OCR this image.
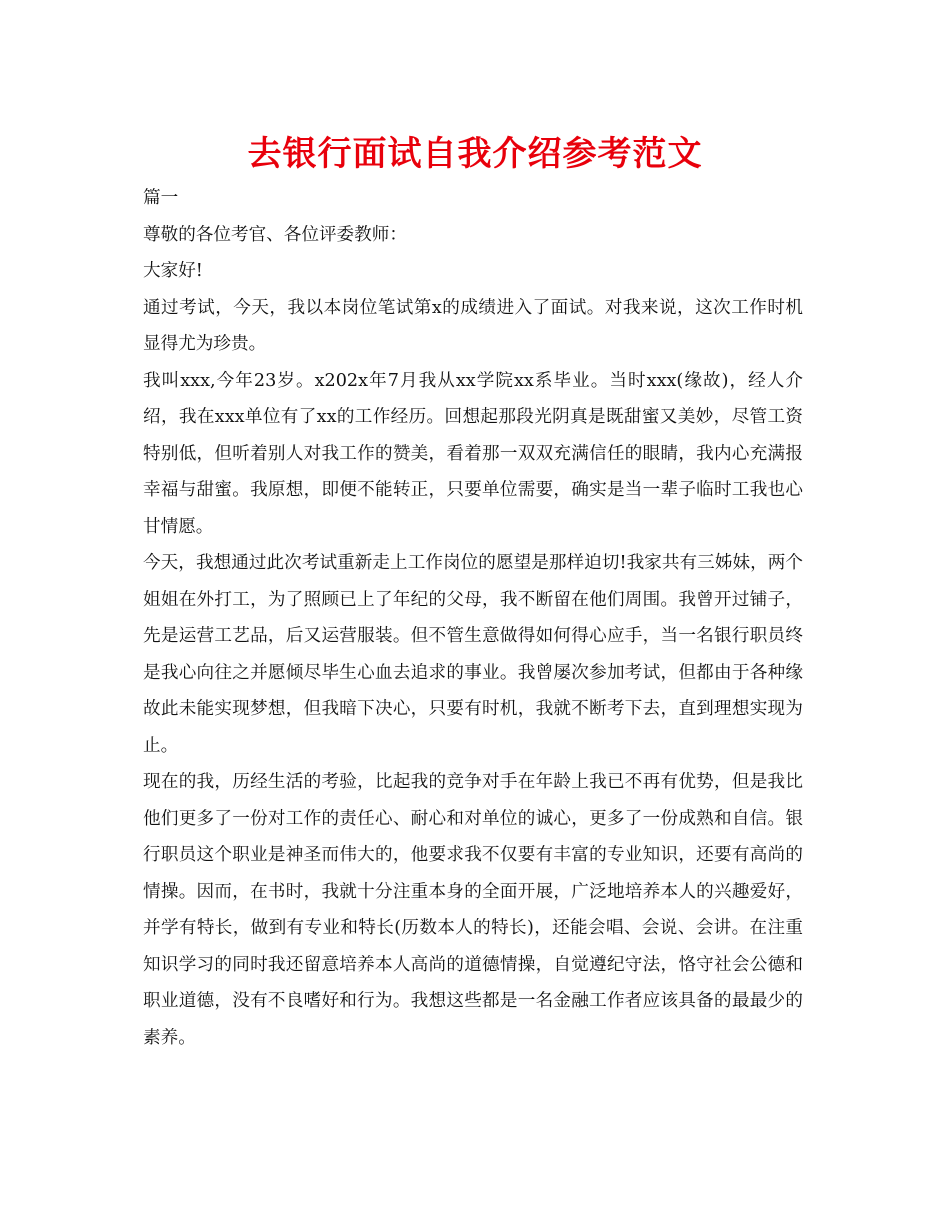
去银行面试自我介绍参考范文

篇一

尊敬的各位考官、各位评委教师：

大家好!

通过考试，今天，我以本岗位笔试第x的成绩进入了面试。对我来说，这次工作时机显得尤为珍贵。

我叫xxx,今年23岁。x202x年7月我从xx学院xx系毕业。当时xxx(缘故)，经人介绍，我在xxx单位有了xx的工作经历。回想起那段光阴真是既甜蜜又美妙，尽管工资特别低，但听着别人对我工作的赞美，看着那一双双充满信任的眼睛，我内心充满报幸福与甜蜜。我原想，即便不能转正，只要单位需要，确实是当一辈子临时工我也心甘情愿。

今天，我想通过此次考试重新走上工作岗位的愿望是那样迫切!我家共有三姊妹，两个姐姐在外打工，为了照顾已上了年纪的父母，我不断留在他们周围。我曾开过铺子，先是运营工艺品，后又运营服装。但不管生意做得如何得心应手，当一名银行职员终是我心向往之并愿倾尽毕生心血去追求的事业。我曾屡次参加考试，但都由于各种缘故此未能实现梦想，但我暗下决心，只要有时机，我就不断考下去，直到理想实现为止。

现在的我，历经生活的考验，比起我的竞争对手在年龄上我已不再有优势，但是我比他们更多了一份对工作的责任心、耐心和对单位的诚心，更多了一份成熟和自信。银行职员这个职业是神圣而伟大的，他要求我不仅要有丰富的专业知识，还要有高尚的情操。因而，在书时，我就十分注重本身的全面开展，广泛地培养本人的兴趣爱好，并学有特长，做到有专业和特长(历数本人的特长)，还能会唱、会说、会讲。在注重知识学习的同时我还留意培养本人高尚的道德情操，自觉遵纪守法，恪守社会公德和职业道德，没有不良嗜好和行为。我想这些都是一名金融工作者应该具备的最最少的素养。
